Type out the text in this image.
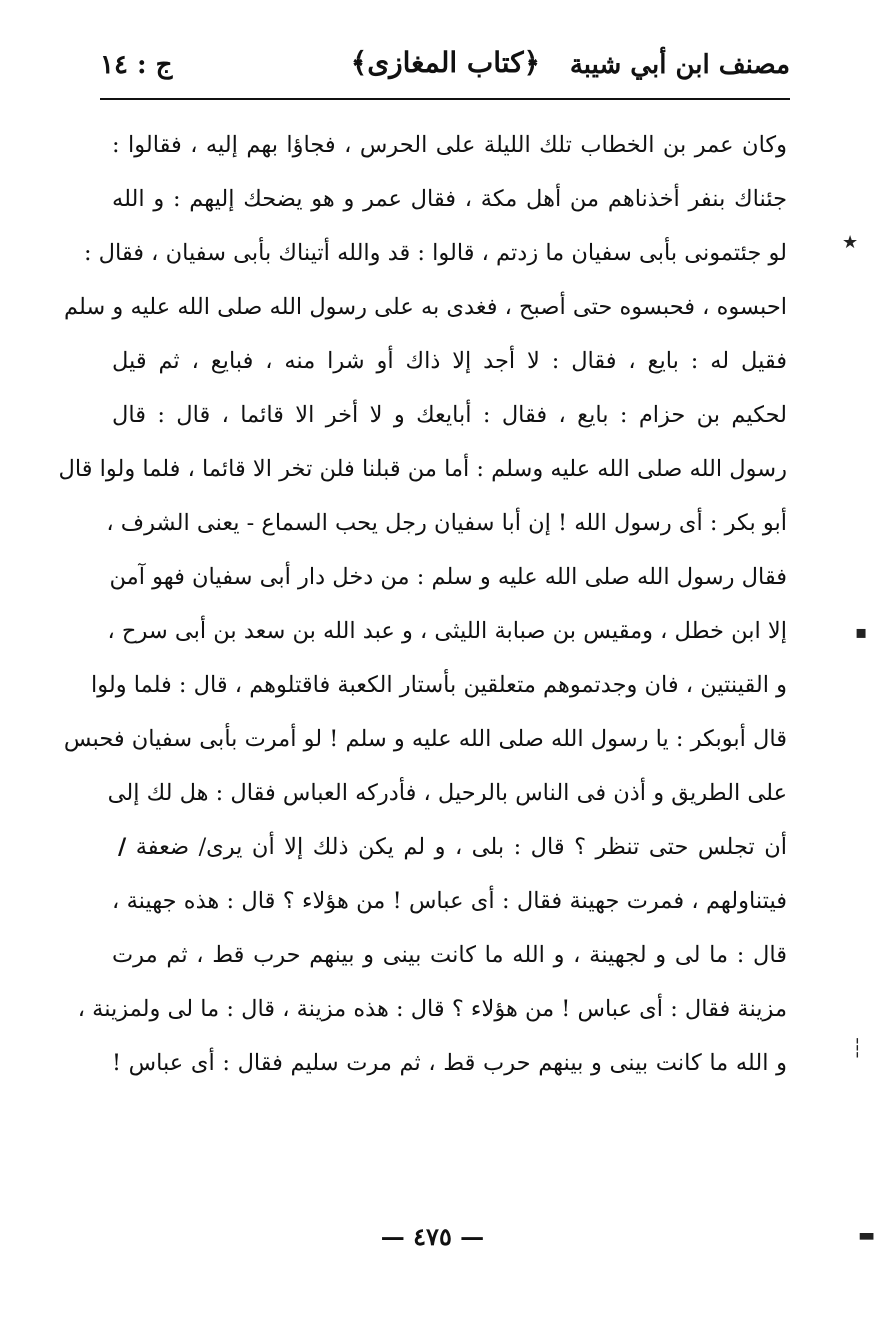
مصنف ابن أبي شيبة
﴿كتاب المغازى﴾
ج : ١٤
وكان عمر بن الخطاب تلك الليلة على الحرس ، فجاؤا بهم إليه ، فقالوا :
جئناك بنفر أخذناهم من أهل مكة ، فقال عمر و هو يضحك إليهم : و الله
لو جئتمونى بأبى سفيان ما زدتم ، قالوا : قد والله أتيناك بأبى سفيان ، فقال :
احبسوه ، فحبسوه حتى أصبح ، فغدى به على رسول الله صلى الله عليه و سلم
فقيل له : بايع ، فقال : لا أجد إلا ذاك أو شرا منه ، فبايع ، ثم قيل
لحكيم بن حزام : بايع ، فقال : أبايعك و لا أخر الا قائما ، قال : قال
رسول الله صلى الله عليه وسلم : أما من قبلنا فلن تخر الا قائما ، فلما ولوا قال
أبو بكر : أى رسول الله ! إن أبا سفيان رجل يحب السماع - يعنى الشرف ،
فقال رسول الله صلى الله عليه و سلم : من دخل دار أبى سفيان فهو آمن
إلا ابن خطل ، ومقيس بن صبابة الليثى ، و عبد الله بن سعد بن أبى سرح ،
و القينتين ، فان وجدتموهم متعلقين بأستار الكعبة فاقتلوهم ، قال : فلما ولوا
قال أبوبكر : يا رسول الله صلى الله عليه و سلم ! لو أمرت بأبى سفيان فحبس
على الطريق و أذن فى الناس بالرحيل ، فأدركه العباس فقال : هل لك إلى
أن تجلس حتى تنظر ؟ قال : بلى ، و لم يكن ذلك إلا أن يرى/ ضعفة /
فيتناولهم ، فمرت جهينة فقال : أى عباس ! من هؤلاء ؟ قال : هذه جهينة ،
قال : ما لى و لجهينة ، و الله ما كانت بينى و بينهم حرب قط ، ثم مرت
مزينة فقال : أى عباس ! من هؤلاء ؟ قال : هذه مزينة ، قال : ما لى ولمزينة ،
و الله ما كانت بينى و بينهم حرب قط ، ثم مرت سليم فقال : أى عباس !
— ٤٧٥ —
★
▪
┆
▬
